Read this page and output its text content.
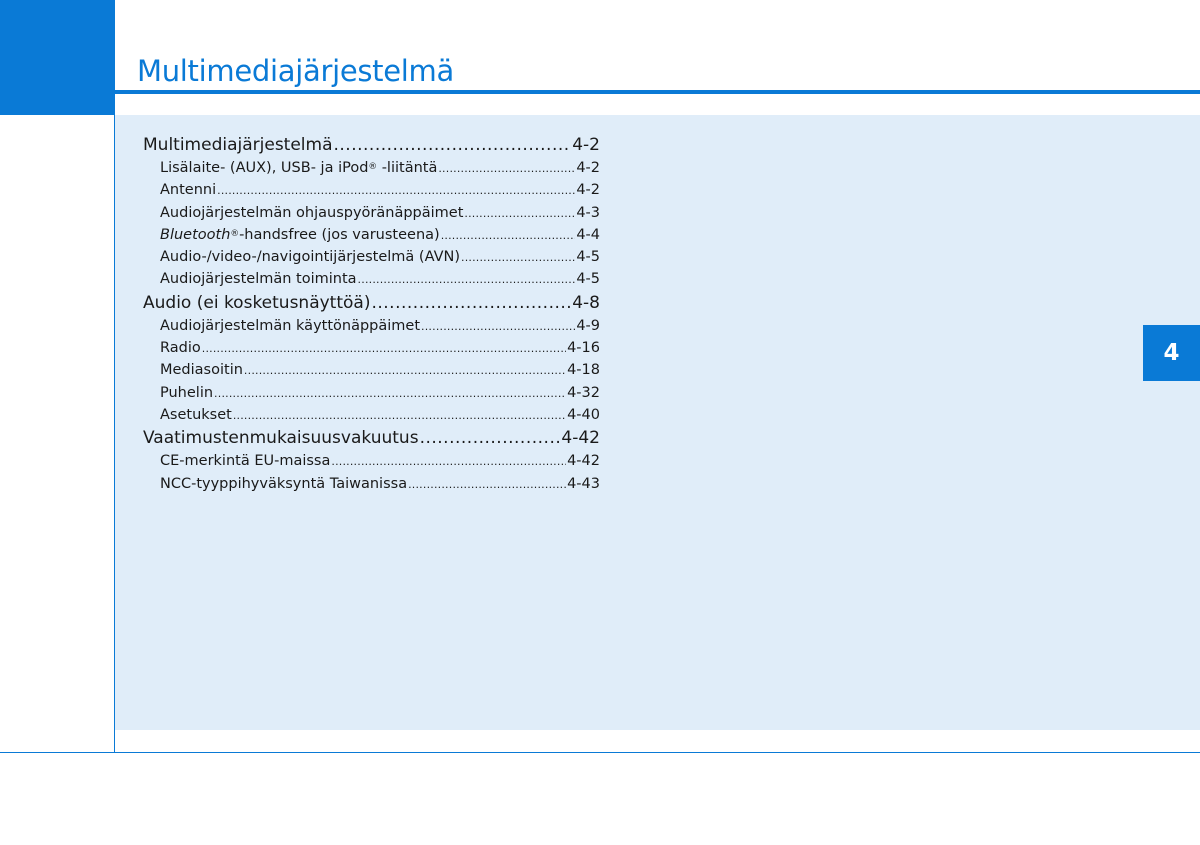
Multimediajärjestelmä
4
Multimediajärjestelmä .....	4-2
Lisälaite- (AUX), USB- ja iPod® -liitäntä .....	4-2
Antenni .....	4-2
Audiojärjestelmän ohjauspyöränäppäimet .....	4-3
Bluetooth®-handsfree (jos varusteena) .....	4-4
Audio-/video-/navigointijärjestelmä (AVN) .....	4-5
Audiojärjestelmän toiminta .....	4-5
Audio (ei kosketusnäyttöä) .....	4-8
Audiojärjestelmän käyttönäppäimet .....	4-9
Radio .....	4-16
Mediasoitin .....	4-18
Puhelin .....	4-32
Asetukset .....	4-40
Vaatimustenmukaisuusvakuutus .....	4-42
CE-merkintä EU-maissa .....	4-42
NCC-tyyppihyväksyntä Taiwanissa .....	4-43
